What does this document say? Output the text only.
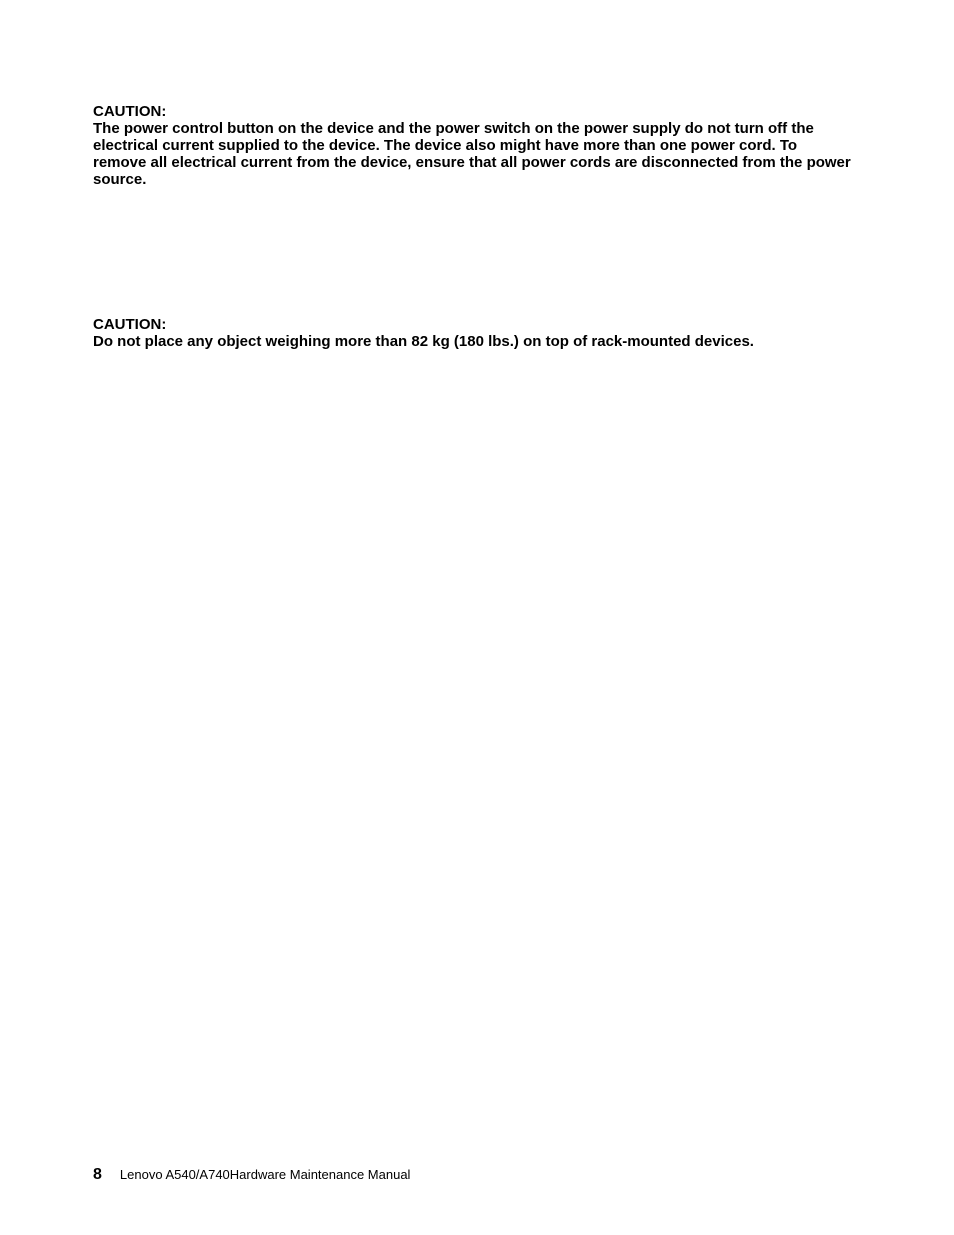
CAUTION:

The power control button on the device and the power switch on the power supply do not turn off the electrical current supplied to the device. The device also might have more than one power cord. To remove all electrical current from the device, ensure that all power cords are disconnected from the power source.

CAUTION:

Do not place any object weighing more than 82 kg (180 lbs.) on top of rack-mounted devices.

8 Lenovo A540/A740Hardware Maintenance Manual
